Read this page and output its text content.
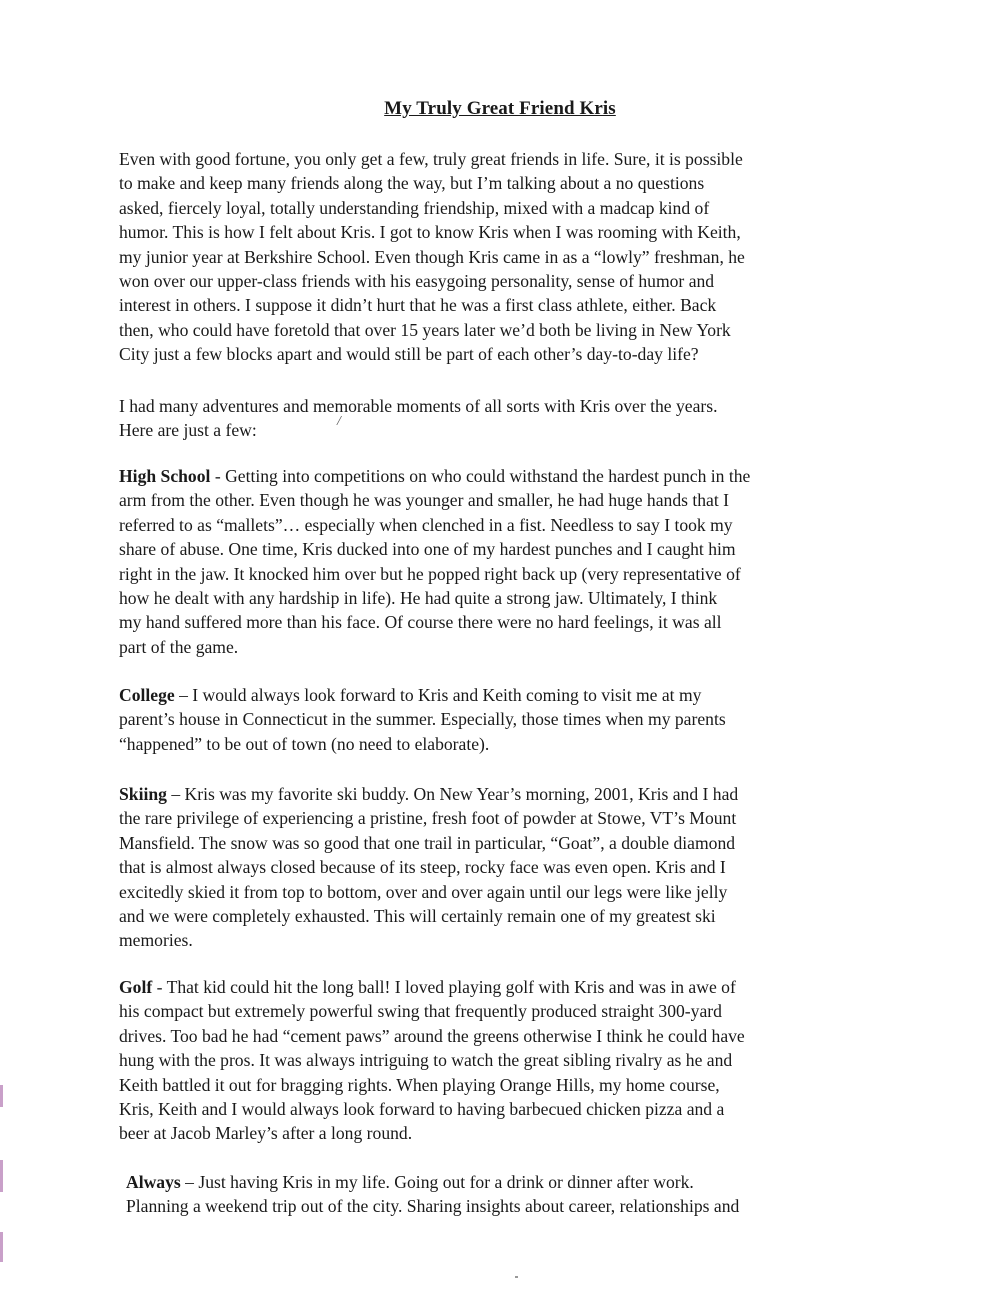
My Truly Great Friend Kris

Even with good fortune, you only get a few, truly great friends in life. Sure, it is possible
to make and keep many friends along the way, but I’m talking about a no questions
asked, fiercely loyal, totally understanding friendship, mixed with a madcap kind of
humor. This is how I felt about Kris. I got to know Kris when I was rooming with Keith,
my junior year at Berkshire School. Even though Kris came in as a “lowly” freshman, he
won over our upper-class friends with his easygoing personality, sense of humor and
interest in others. I suppose it didn’t hurt that he was a first class athlete, either. Back
then, who could have foretold that over 15 years later we’d both be living in New York
City just a few blocks apart and would still be part of each other’s day-to-day life?

I had many adventures and memorable moments of all sorts with Kris over the years.
Here are just a few:

High School - Getting into competitions on who could withstand the hardest punch in the
arm from the other. Even though he was younger and smaller, he had huge hands that I
referred to as “mallets”… especially when clenched in a fist. Needless to say I took my
share of abuse. One time, Kris ducked into one of my hardest punches and I caught him
right in the jaw. It knocked him over but he popped right back up (very representative of
how he dealt with any hardship in life). He had quite a strong jaw. Ultimately, I think
my hand suffered more than his face. Of course there were no hard feelings, it was all
part of the game.

College – I would always look forward to Kris and Keith coming to visit me at my
parent’s house in Connecticut in the summer. Especially, those times when my parents
“happened” to be out of town (no need to elaborate).

Skiing – Kris was my favorite ski buddy. On New Year’s morning, 2001, Kris and I had
the rare privilege of experiencing a pristine, fresh foot of powder at Stowe, VT’s Mount
Mansfield. The snow was so good that one trail in particular, “Goat”, a double diamond
that is almost always closed because of its steep, rocky face was even open. Kris and I
excitedly skied it from top to bottom, over and over again until our legs were like jelly
and we were completely exhausted. This will certainly remain one of my greatest ski
memories.

Golf - That kid could hit the long ball! I loved playing golf with Kris and was in awe of
his compact but extremely powerful swing that frequently produced straight 300-yard
drives. Too bad he had “cement paws” around the greens otherwise I think he could have
hung with the pros. It was always intriguing to watch the great sibling rivalry as he and
Keith battled it out for bragging rights. When playing Orange Hills, my home course,
Kris, Keith and I would always look forward to having barbecued chicken pizza and a
beer at Jacob Marley’s after a long round.

Always – Just having Kris in my life. Going out for a drink or dinner after work.
Planning a weekend trip out of the city. Sharing insights about career, relationships and

/
